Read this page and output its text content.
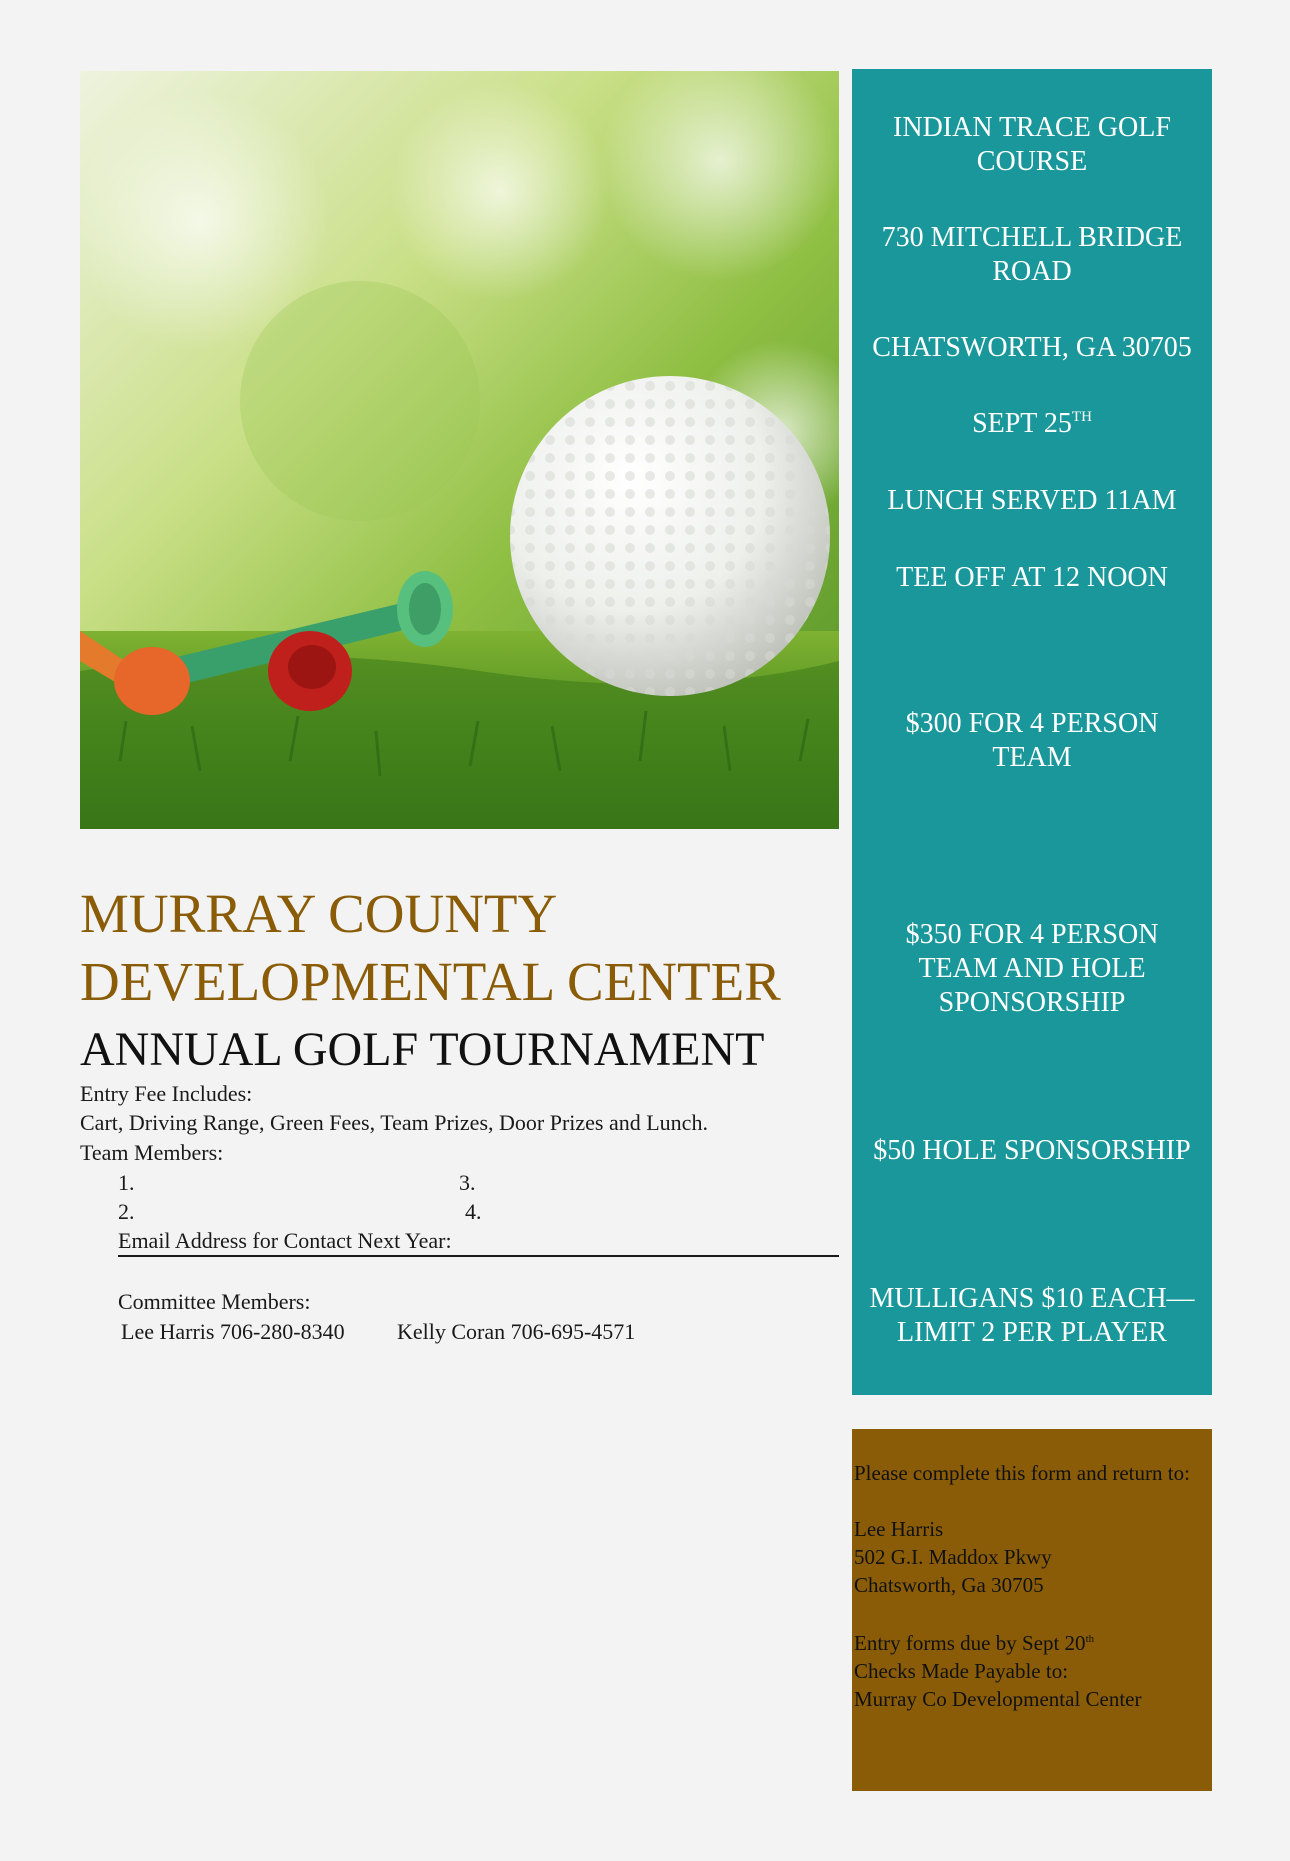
INDIAN TRACE GOLF COURSE
730 MITCHELL BRIDGE ROAD
CHATSWORTH, GA 30705
SEPT 25TH
LUNCH SERVED 11AM
TEE OFF AT 12 NOON
$300 FOR 4 PERSON TEAM
$350 FOR 4 PERSON TEAM AND HOLE SPONSORSHIP
$50 HOLE SPONSORSHIP
MULLIGANS $10 EACH—LIMIT 2 PER PLAYER

Please complete this form and return to:

Lee Harris

502 G.I. Maddox Pkwy

Chatsworth, Ga 30705

Entry forms due by Sept 20th

Checks Made Payable to:

Murray Co Developmental Center

MURRAY COUNTY DEVELOPMENTAL CENTER
ANNUAL GOLF TOURNAMENT
Entry Fee Includes:
Cart, Driving Range, Green Fees, Team Prizes, Door Prizes and Lunch.
Team Members:
1.	3.
2.	4.
Email Address for Contact Next Year:
Committee Members:
Lee Harris 706-280-8340 Kelly Coran 706-695-4571
